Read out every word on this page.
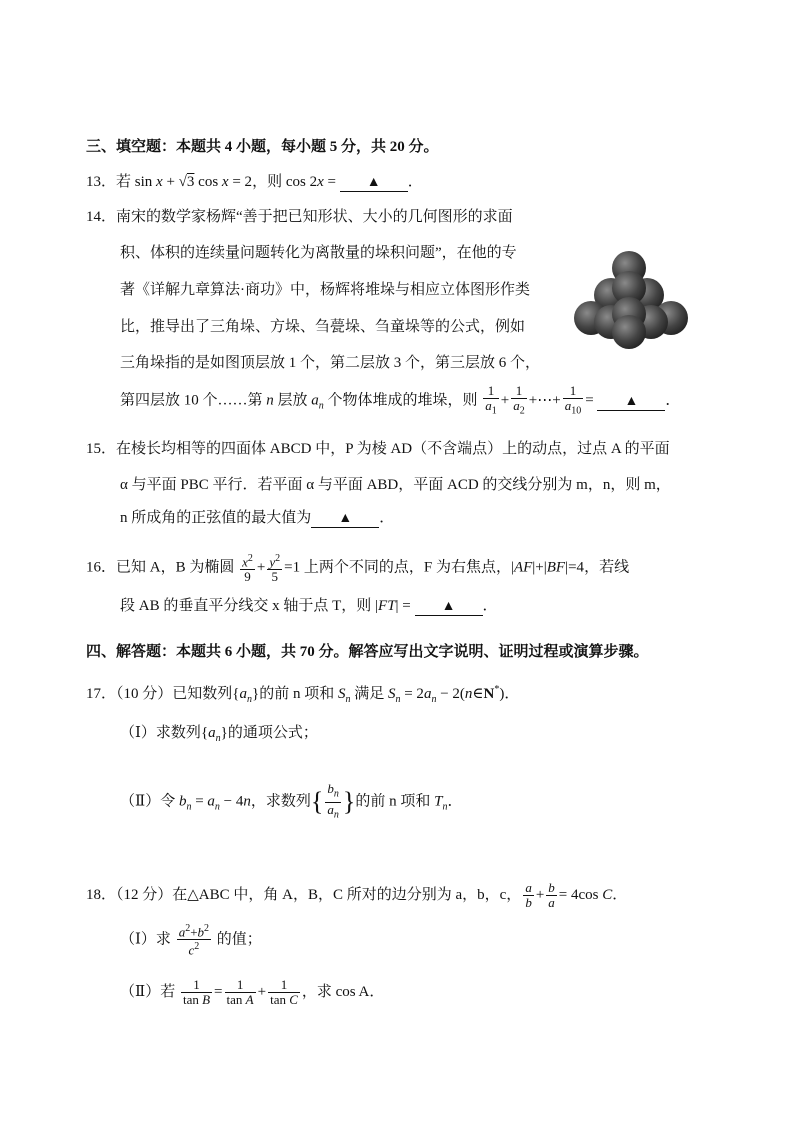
三、填空题：本题共 4 小题，每小题 5 分，共 20 分。
13．若 sin x + √3 cos x = 2，则 cos 2x = ▲ ．
14．南宋的数学家杨辉“善于把已知形状、大小的几何图形的求面
积、体积的连续量问题转化为离散量的垛积问题”，在他的专
著《详解九章算法·商功》中，杨辉将堆垛与相应立体图形作类
比，推导出了三角垛、方垛、刍甍垛、刍童垛等的公式，例如
三角垛指的是如图顶层放 1 个，第二层放 3 个，第三层放 6 个，
第四层放 10 个……第 n 层放 $a_n$ 个物体堆成的堆垛，则 $\frac{1}{a_1} + \frac{1}{a_2}$ +⋯+ $\frac{1}{a_{10}}$ = ▲ ．
15．在棱长均相等的四面体 ABCD 中，P 为棱 AD（不含端点）上的动点，过点 A 的平面
α 与平面 PBC 平行．若平面 α 与平面 ABD，平面 ACD 的交线分别为 m，n，则 m，
n 所成角的正弦值的最大值为 ▲ ．
16．已知 A，B 为椭圆 $\frac{x^2}{9} + \frac{y^2}{5} =1$ 上两个不同的点，F 为右焦点，|AF|+|BF|=4，若线
段 AB 的垂直平分线交 x 轴于点 T，则 |FT| = ▲ ．
四、解答题：本题共 6 小题，共 70 分。解答应写出文字说明、证明过程或演算步骤。
17．（10 分）已知数列$\{a_n\}$的前 n 项和 $S_n$ 满足 $S_n = 2a_n$ − 2(n∈N*)．
（Ⅰ）求数列$\{a_n\}$的通项公式；
（Ⅱ）令 $b_n = a_n - 4n$，求数列{ $\frac{b_n}{a_n}$ }的前 n 项和 $T_n$．
18．（12 分）在△ABC 中，角 A，B，C 所对的边分别为 a，b，c， $\frac{a}{b} + \frac{b}{a} = 4\cos$ C．
（Ⅰ）求 $\frac{a^2+b^2}{c^2}$ 的值；
（Ⅱ）若 $\frac{1}{\text{tan B}} = \frac{1}{\text{tan A}} + \frac{1}{\text{tan C}}$ ，求 cos A．
